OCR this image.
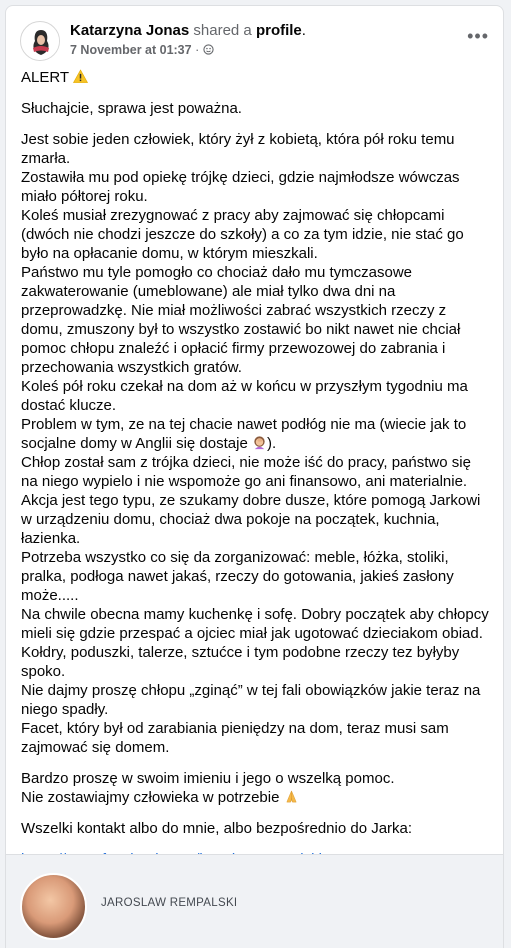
Katarzyna Jonas shared a profile.
7 November at 01:37 ·
•••

ALERT

Słuchajcie, sprawa jest poważna.

Jest sobie jeden człowiek, który żył z kobietą, która pół roku temu
zmarła.
Zostawiła mu pod opiekę trójkę dzieci, gdzie najmłodsze wówczas
miało półtorej roku.
Koleś musiał zrezygnować z pracy aby zajmować się chłopcami
(dwóch nie chodzi jeszcze do szkoły) a co za tym idzie, nie stać go
było na opłacanie domu, w którym mieszkali.
Państwo mu tyle pomogło co chociaż dało mu tymczasowe
zakwaterowanie (umeblowane) ale miał tylko dwa dni na
przeprowadzkę. Nie miał możliwości zabrać wszystkich rzeczy z
domu, zmuszony był to wszystko zostawić bo nikt nawet nie chciał
pomoc chłopu znaleźć i opłacić firmy przewozowej do zabrania i
przechowania wszystkich gratów.
Koleś pół roku czekał na dom aż w końcu w przyszłym tygodniu ma
dostać klucze.
Problem w tym, ze na tej chacie nawet podłóg nie ma (wiecie jak to
socjalne domy w Anglii się dostaje ).
Chłop został sam z trójka dzieci, nie może iść do pracy, państwo się
na niego wypielo i nie wspomoże go ani finansowo, ani materialnie.
Akcja jest tego typu, ze szukamy dobre dusze, które pomogą Jarkowi
w urządzeniu domu, chociaż dwa pokoje na początek, kuchnia,
łazienka.
Potrzeba wszystko co się da zorganizować: meble, łóżka, stoliki,
pralka, podłoga nawet jakaś, rzeczy do gotowania, jakieś zasłony
może.....
Na chwile obecna mamy kuchenkę i sofę. Dobry początek aby chłopcy
mieli się gdzie przespać a ojciec miał jak ugotować dzieciakom obiad.
Kołdry, poduszki, talerze, sztućce i tym podobne rzeczy tez byłyby
spoko.
Nie dajmy proszę chłopu „zginąć” w tej fali obowiązków jakie teraz na
niego spadły.
Facet, który był od zarabiania pieniędzy na dom, teraz musi sam
zajmować się domem.

Bardzo proszę w swoim imieniu i jego o wszelką pomoc.
Nie zostawiajmy człowieka w potrzebie

Wszelki kontakt albo do mnie, albo bezpośrednio do Jarka:

JAROSLAW REMPALSKI
